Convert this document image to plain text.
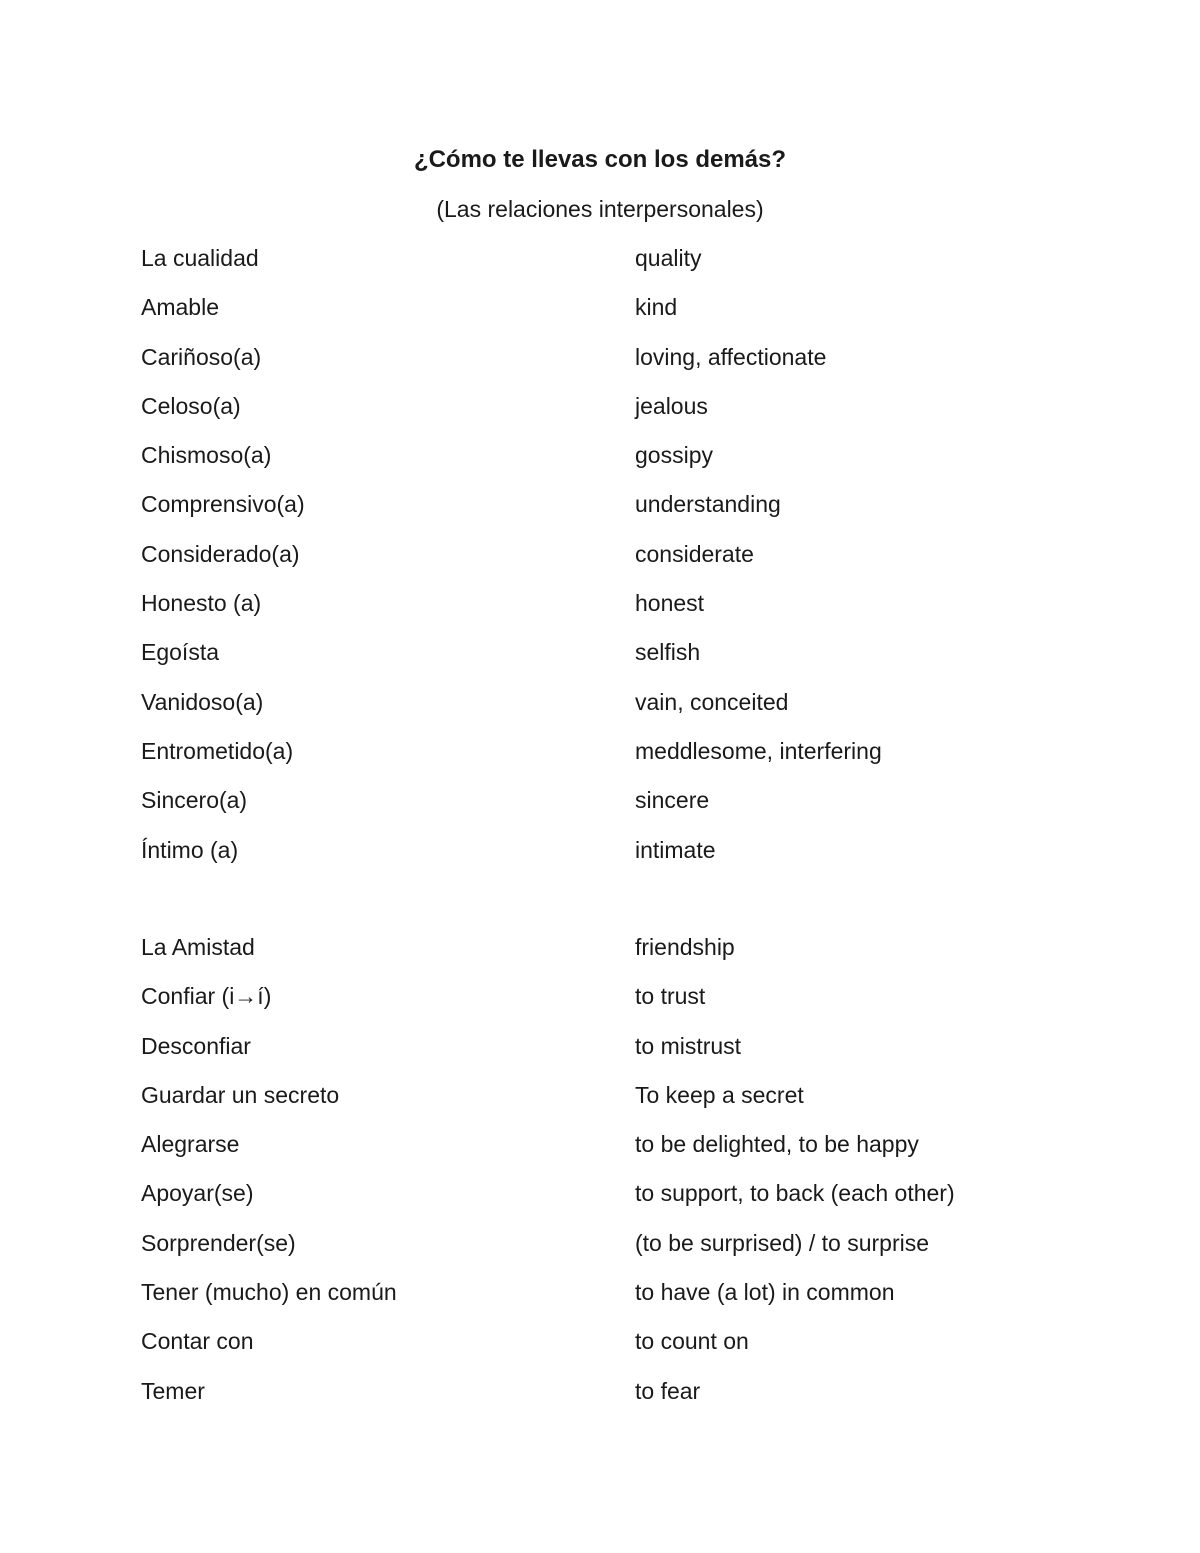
¿Cómo te llevas con los demás?
(Las relaciones interpersonales)
La cualidad	quality
Amable	kind
Cariñoso(a)	loving, affectionate
Celoso(a)	jealous
Chismoso(a)	gossipy
Comprensivo(a)	understanding
Considerado(a)	considerate
Honesto (a)	honest
Egoísta	selfish
Vanidoso(a)	vain, conceited
Entrometido(a)	meddlesome, interfering
Sincero(a)	sincere
Íntimo (a)	intimate
La Amistad	friendship
Confiar (i→í)	to trust
Desconfiar	to mistrust
Guardar un secreto	To keep a secret
Alegrarse	to be delighted, to be happy
Apoyar(se)	to support, to back (each other)
Sorprender(se)	(to be surprised) / to surprise
Tener (mucho) en común	to have (a lot) in common
Contar con	to count on
Temer	to fear
